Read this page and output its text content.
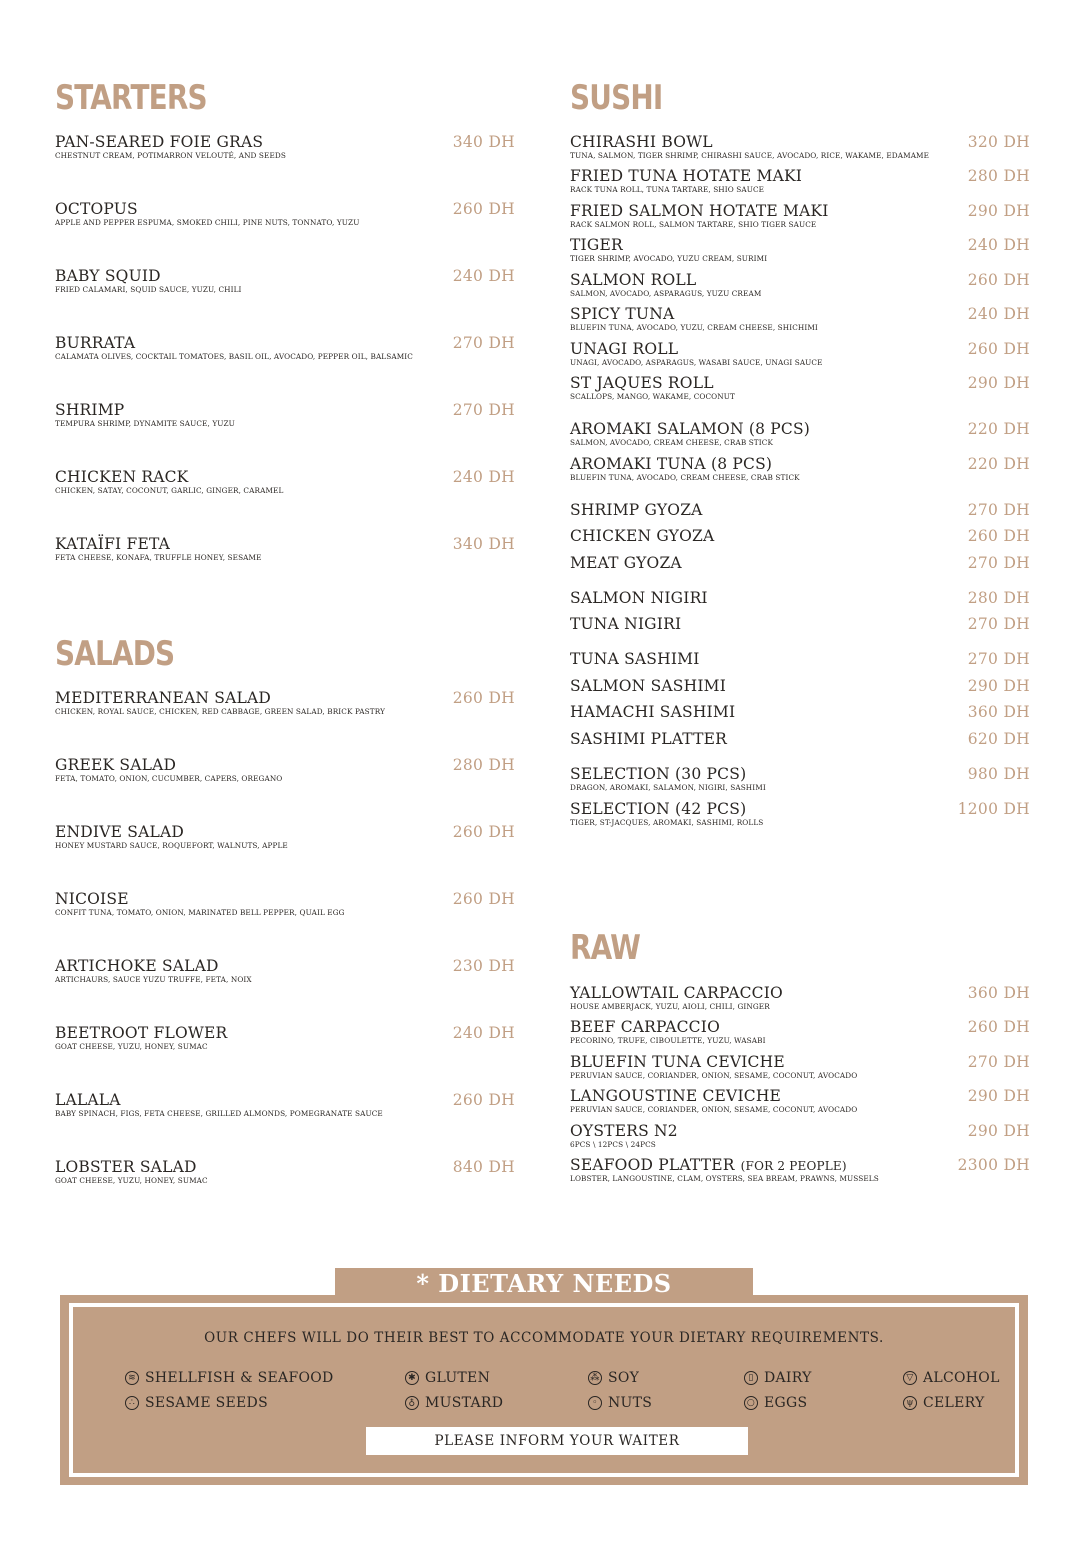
STARTERS
PAN-SEARED FOIE GRAS
CHESTNUT CREAM, POTIMARRON VELOUTÉ, AND SEEDS
340 DH
OCTOPUS
APPLE AND PEPPER ESPUMA, SMOKED CHILI, PINE NUTS, TONNATO, YUZU
260 DH
BABY SQUID
FRIED CALAMARI, SQUID SAUCE, YUZU, CHILI
240 DH
BURRATA
CALAMATA OLIVES, COCKTAIL TOMATOES, BASIL OIL, AVOCADO, PEPPER OIL, BALSAMIC
270 DH
SHRIMP
TEMPURA SHRIMP, DYNAMITE SAUCE, YUZU
270 DH
CHICKEN RACK
CHICKEN, SATAY, COCONUT, GARLIC, GINGER, CARAMEL
240 DH
KATAÏFI FETA
FETA CHEESE, KONAFA, TRUFFLE HONEY, SESAME
340 DH
SALADS
MEDITERRANEAN SALAD
CHICKEN, ROYAL SAUCE, CHICKEN, RED CABBAGE, GREEN SALAD, BRICK PASTRY
260 DH
GREEK SALAD
FETA, TOMATO, ONION, CUCUMBER, CAPERS, OREGANO
280 DH
ENDIVE SALAD
HONEY MUSTARD SAUCE, ROQUEFORT, WALNUTS, APPLE
260 DH
NICOISE
CONFIT TUNA, TOMATO, ONION, MARINATED BELL PEPPER, QUAIL EGG
260 DH
ARTICHOKE SALAD
ARTICHAURS, SAUCE YUZU TRUFFE, FETA, NOIX
230 DH
BEETROOT FLOWER
GOAT CHEESE, YUZU, HONEY, SUMAC
240 DH
LALALA
BABY SPINACH, FIGS, FETA CHEESE, GRILLED ALMONDS, POMEGRANATE SAUCE
260 DH
LOBSTER SALAD
GOAT CHEESE, YUZU, HONEY, SUMAC
840 DH
SUSHI
CHIRASHI BOWL
TUNA, SALMON, TIGER SHRIMP, CHIRASHI SAUCE, AVOCADO, RICE, WAKAME, EDAMAME
320 DH
FRIED TUNA HOTATE MAKI
RACK TUNA ROLL, TUNA TARTARE, SHIO SAUCE
280 DH
FRIED SALMON HOTATE MAKI
RACK SALMON ROLL, SALMON TARTARE, SHIO TIGER SAUCE
290 DH
TIGER
TIGER SHRIMP, AVOCADO, YUZU CREAM, SURIMI
240 DH
SALMON ROLL
SALMON, AVOCADO, ASPARAGUS, YUZU CREAM
260 DH
SPICY TUNA
BLUEFIN TUNA, AVOCADO, YUZU, CREAM CHEESE, SHICHIMI
240 DH
UNAGI ROLL
UNAGI, AVOCADO, ASPARAGUS, WASABI SAUCE, UNAGI SAUCE
260 DH
ST JAQUES ROLL
SCALLOPS, MANGO, WAKAME, COCONUT
290 DH
AROMAKI SALAMON (8 PCS)
SALMON, AVOCADO, CREAM CHEESE, CRAB STICK
220 DH
AROMAKI TUNA (8 PCS)
BLUEFIN TUNA, AVOCADO, CREAM CHEESE, CRAB STICK
220 DH
SHRIMP GYOZA	270 DH
CHICKEN GYOZA	260 DH
MEAT GYOZA	270 DH
SALMON NIGIRI	280 DH
TUNA NIGIRI	270 DH
TUNA SASHIMI	270 DH
SALMON SASHIMI	290 DH
HAMACHI SASHIMI	360 DH
SASHIMI PLATTER	620 DH
SELECTION (30 PCS)
DRAGON, AROMAKI, SALAMON, NIGIRI, SASHIMI
980 DH
SELECTION (42 PCS)
TIGER, ST-JACQUES, AROMAKI, SASHIMI, ROLLS
1200 DH
RAW
YALLOWTAIL CARPACCIO
HOUSE AMBERJACK, YUZU, AIOLI, CHILI, GINGER
360 DH
BEEF CARPACCIO
PECORINO, TRUFE, CIBOULETTE, YUZU, WASABI
260 DH
BLUEFIN TUNA CEVICHE
PERUVIAN SAUCE, CORIANDER, ONION, SESAME, COCONUT, AVOCADO
270 DH
LANGOUSTINE CEVICHE
PERUVIAN SAUCE, CORIANDER, ONION, SESAME, COCONUT, AVOCADO
290 DH
OYSTERS N2
6PCS \ 12PCS \ 24PCS
290 DH
SEAFOOD PLATTER (FOR 2 PEOPLE)
LOBSTER, LANGOUSTINE, CLAM, OYSTERS, SEA BREAM, PRAWNS, MUSSELS
2300 DH
OUR CHEFS WILL DO THEIR BEST TO ACCOMMODATE YOUR DIETARY REQUIREMENTS.
≋ SHELLFISH & SEAFOOD	✱ GLUTEN	⁂ SOY	▯ DAIRY	▽ ALCOHOL
∴ SESAME SEEDS	♁ MUSTARD	◦ NUTS	○ EGGS	ψ CELERY
PLEASE INFORM YOUR WAITER
* DIETARY NEEDS
